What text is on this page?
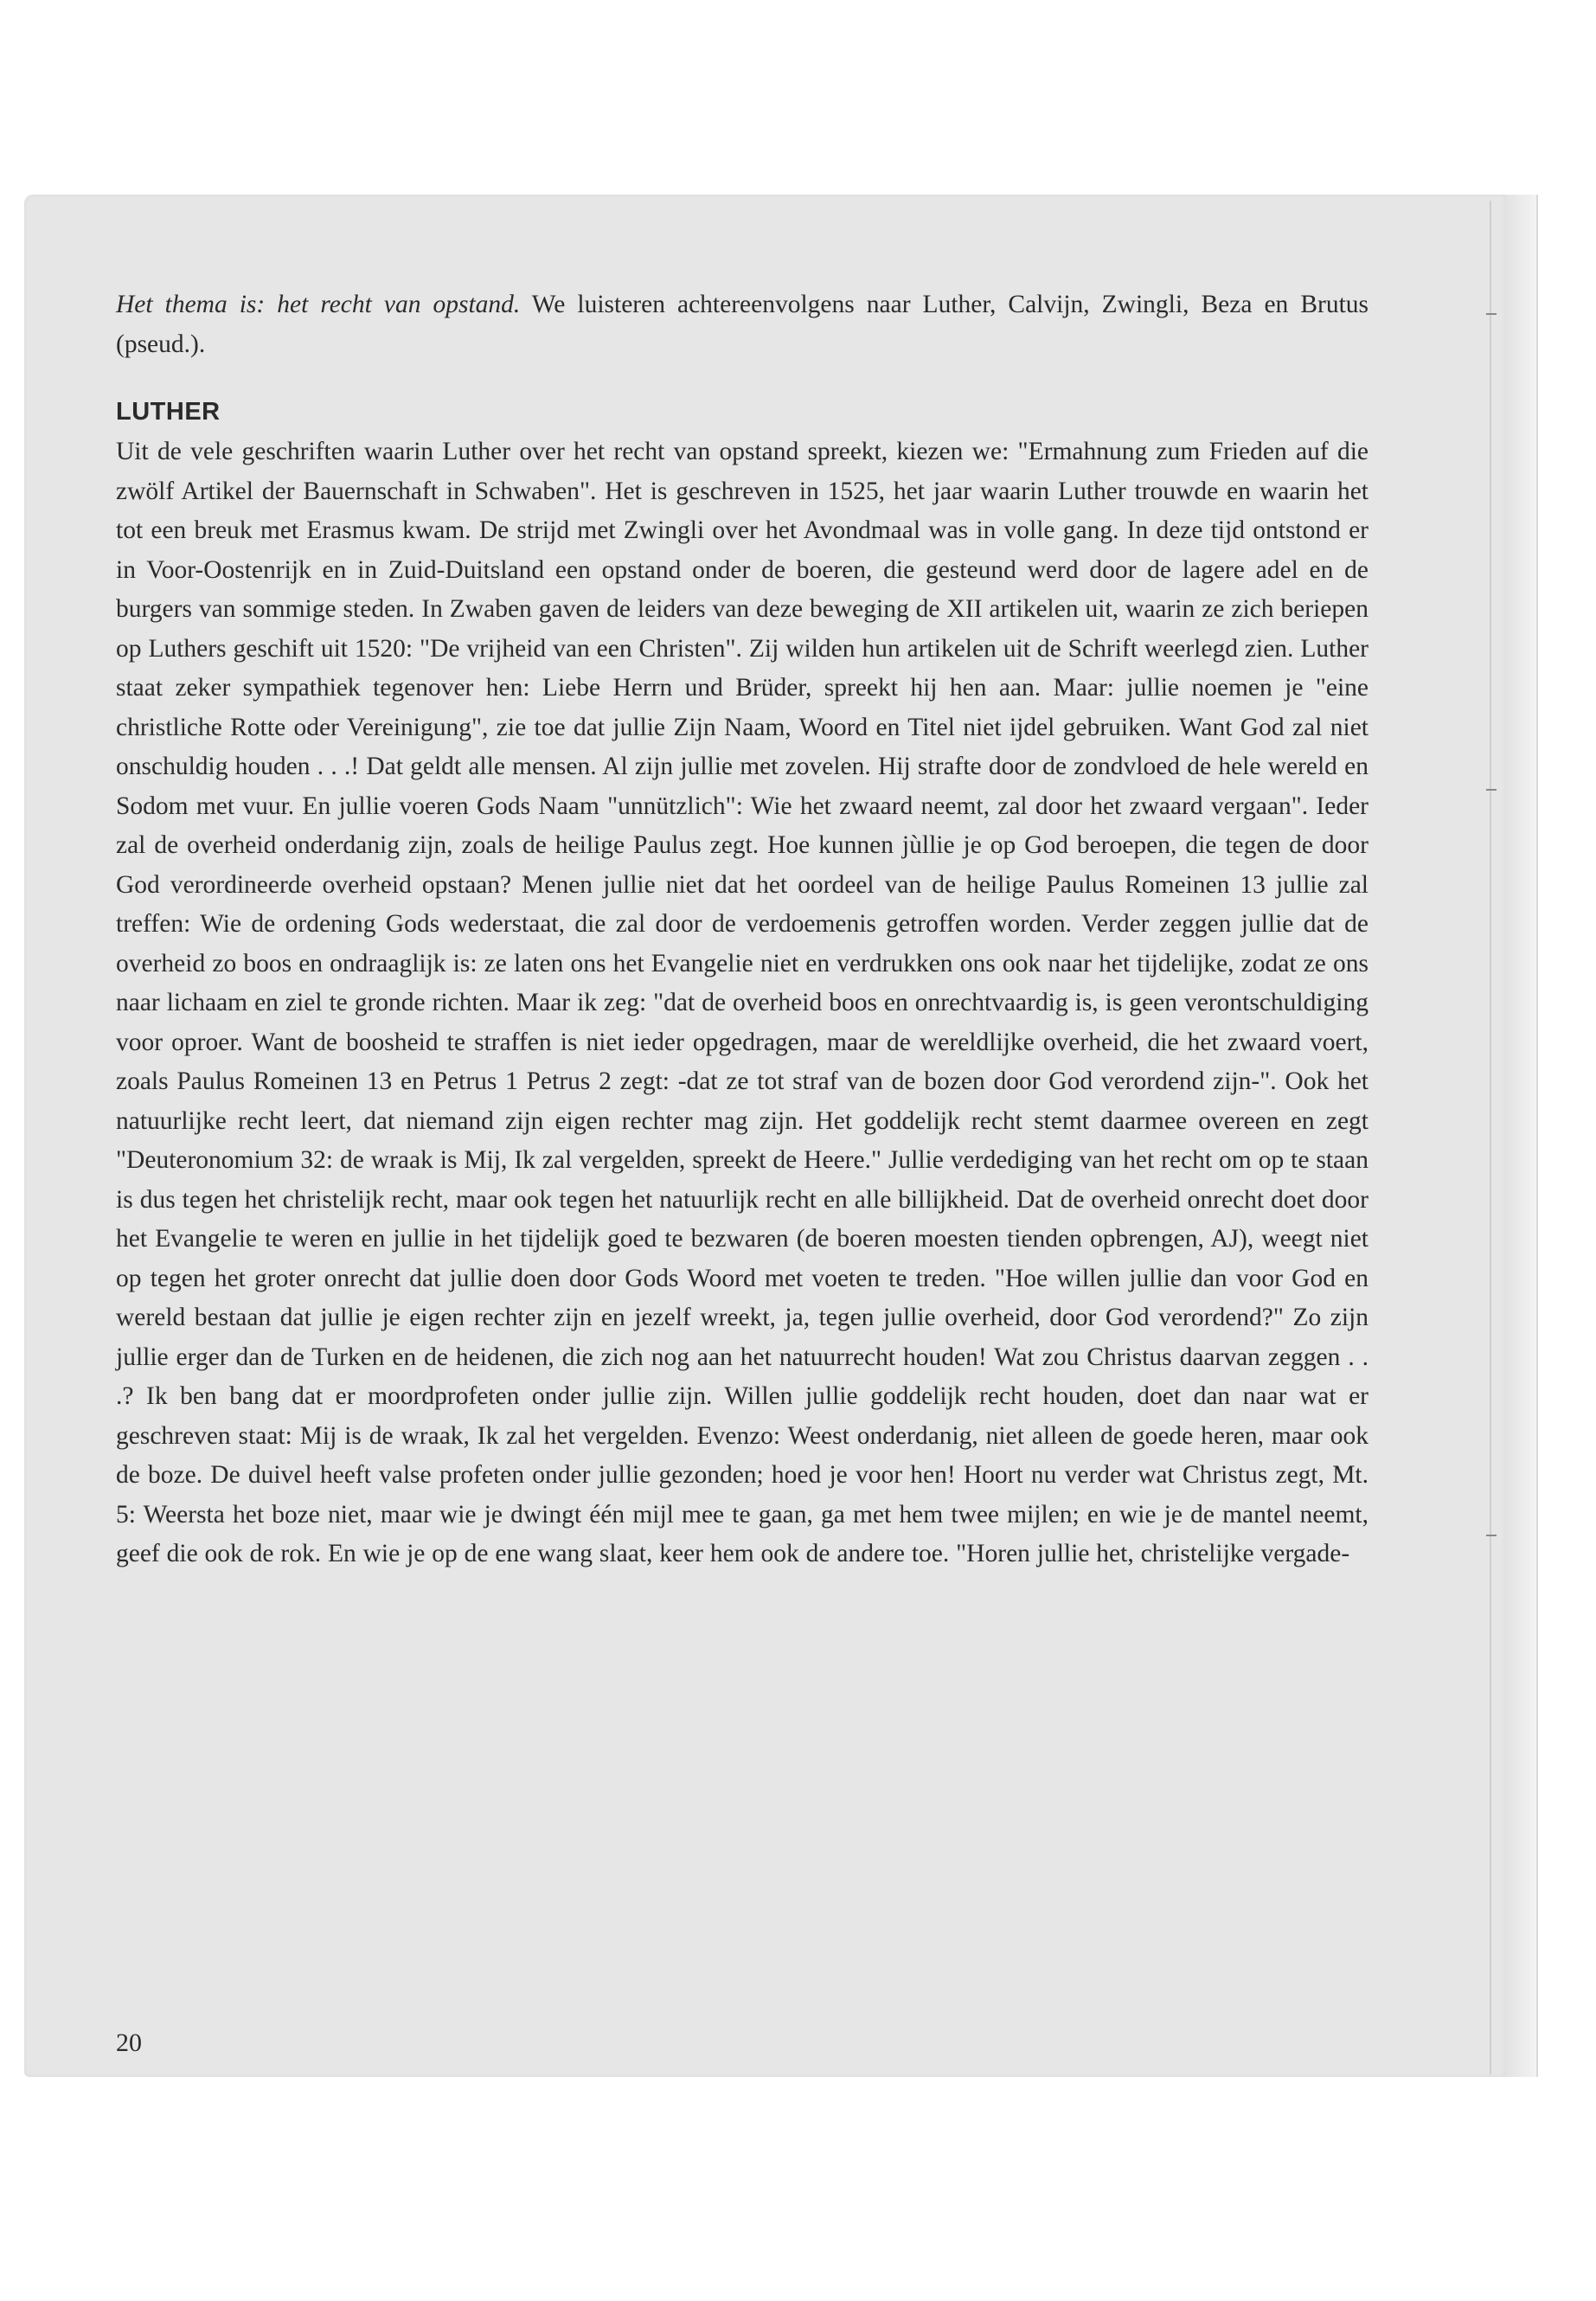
Het thema is: het recht van opstand. We luisteren achtereenvolgens naar Luther, Calvijn, Zwingli, Beza en Brutus (pseud.).

LUTHER

Uit de vele geschriften waarin Luther over het recht van opstand spreekt, kiezen we: "Ermahnung zum Frieden auf die zwölf Artikel der Bauernschaft in Schwaben". Het is geschreven in 1525, het jaar waarin Luther trouwde en waarin het tot een breuk met Erasmus kwam. De strijd met Zwingli over het Avondmaal was in volle gang. In deze tijd ontstond er in Voor-Oostenrijk en in Zuid-Duitsland een opstand onder de boeren, die gesteund werd door de lagere adel en de burgers van sommige steden. In Zwaben gaven de leiders van deze beweging de XII artikelen uit, waarin ze zich beriepen op Luthers geschift uit 1520: "De vrijheid van een Christen". Zij wilden hun artikelen uit de Schrift weerlegd zien. Luther staat zeker sympathiek tegenover hen: Liebe Herrn und Brüder, spreekt hij hen aan. Maar: jullie noemen je "eine christliche Rotte oder Vereinigung", zie toe dat jullie Zijn Naam, Woord en Titel niet ijdel gebruiken. Want God zal niet onschuldig houden . . .! Dat geldt alle mensen. Al zijn jullie met zovelen. Hij strafte door de zondvloed de hele wereld en Sodom met vuur. En jullie voeren Gods Naam "unnützlich": Wie het zwaard neemt, zal door het zwaard vergaan". Ieder zal de overheid onderdanig zijn, zoals de heilige Paulus zegt. Hoe kunnen jùllie je op God beroepen, die tegen de door God verordineerde overheid opstaan? Menen jullie niet dat het oordeel van de heilige Paulus Romeinen 13 jullie zal treffen: Wie de ordening Gods wederstaat, die zal door de verdoemenis getroffen worden. Verder zeggen jullie dat de overheid zo boos en ondraaglijk is: ze laten ons het Evangelie niet en verdrukken ons ook naar het tijdelijke, zodat ze ons naar lichaam en ziel te gronde richten. Maar ik zeg: "dat de overheid boos en onrechtvaardig is, is geen verontschuldiging voor oproer. Want de boosheid te straffen is niet ieder opgedragen, maar de wereldlijke overheid, die het zwaard voert, zoals Paulus Romeinen 13 en Petrus 1 Petrus 2 zegt: -dat ze tot straf van de bozen door God verordend zijn-". Ook het natuurlijke recht leert, dat niemand zijn eigen rechter mag zijn. Het goddelijk recht stemt daarmee overeen en zegt "Deuteronomium 32: de wraak is Mij, Ik zal vergelden, spreekt de Heere." Jullie verdediging van het recht om op te staan is dus tegen het christelijk recht, maar ook tegen het natuurlijk recht en alle billijkheid. Dat de overheid onrecht doet door het Evangelie te weren en jullie in het tijdelijk goed te bezwaren (de boeren moesten tienden opbrengen, AJ), weegt niet op tegen het groter onrecht dat jullie doen door Gods Woord met voeten te treden. "Hoe willen jullie dan voor God en wereld bestaan dat jullie je eigen rechter zijn en jezelf wreekt, ja, tegen jullie overheid, door God verordend?" Zo zijn jullie erger dan de Turken en de heidenen, die zich nog aan het natuurrecht houden! Wat zou Christus daarvan zeggen . . .? Ik ben bang dat er moordprofeten onder jullie zijn. Willen jullie goddelijk recht houden, doet dan naar wat er geschreven staat: Mij is de wraak, Ik zal het vergelden. Evenzo: Weest onderdanig, niet alleen de goede heren, maar ook de boze. De duivel heeft valse profeten onder jullie gezonden; hoed je voor hen! Hoort nu verder wat Christus zegt, Mt. 5: Weersta het boze niet, maar wie je dwingt één mijl mee te gaan, ga met hem twee mijlen; en wie je de mantel neemt, geef die ook de rok. En wie je op de ene wang slaat, keer hem ook de andere toe. "Horen jullie het, christelijke vergade-

20
